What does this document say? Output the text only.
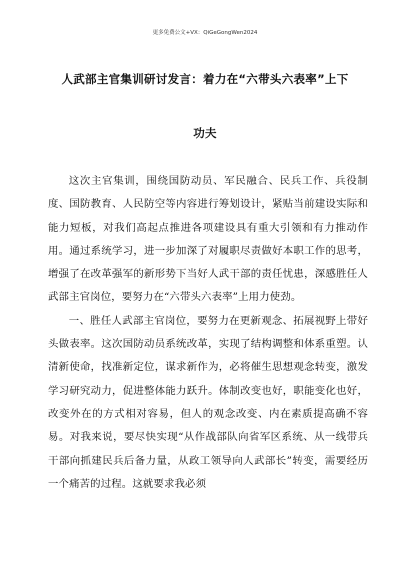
更多免费公文+VX：QiGeGongWen2024
人武部主官集训研讨发言：着力在“六带头六表率”上下
功夫

这次主官集训，围绕国防动员、军民融合、民兵工作、兵役制度、国防教育、人民防空等内容进行筹划设计，紧贴当前建设实际和能力短板，对我们高起点推进各项建设具有重大引领和有力推动作用。通过系统学习，进一步加深了对履职尽责做好本职工作的思考，增强了在改革强军的新形势下当好人武干部的责任忧患，深感胜任人武部主官岗位，要努力在“六带头六表率”上用力使劲。

一、胜任人武部主官岗位，要努力在更新观念、拓展视野上带好头做表率。这次国防动员系统改革，实现了结构调整和体系重塑。认清新使命，找准新定位，谋求新作为，必将催生思想观念转变，激发学习研究动力，促进整体能力跃升。体制改变也好，职能变化也好，改变外在的方式相对容易，但人的观念改变、内在素质提高确不容易。对我来说，要尽快实现“从作战部队向省军区系统、从一线带兵干部向抓建民兵后备力量，从政工领导向人武部长”转变，需要经历一个痛苦的过程。这就要求我必须
